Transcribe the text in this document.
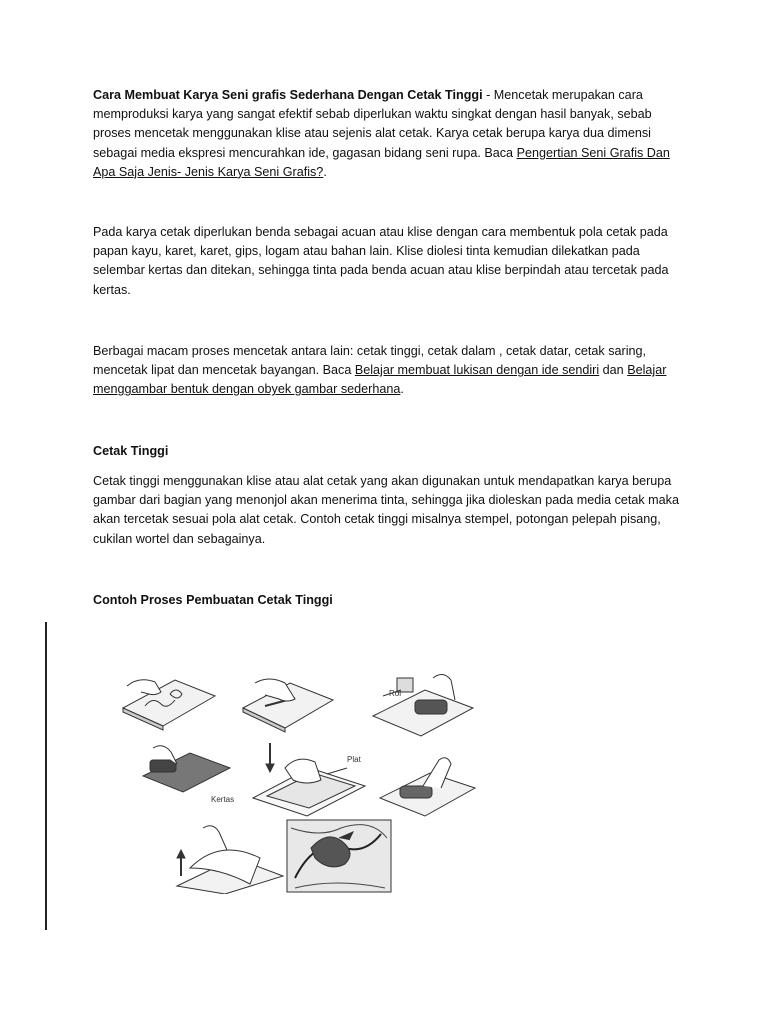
Cara Membuat Karya Seni grafis Sederhana Dengan Cetak Tinggi - Mencetak merupakan cara memproduksi karya yang sangat efektif sebab diperlukan waktu singkat dengan hasil banyak, sebab proses mencetak menggunakan klise atau sejenis alat cetak. Karya cetak berupa karya dua dimensi sebagai media ekspresi mencurahkan ide, gagasan bidang seni rupa. Baca Pengertian Seni Grafis Dan Apa Saja Jenis- Jenis Karya Seni Grafis?.

Pada karya cetak diperlukan benda sebagai acuan atau klise dengan cara membentuk pola cetak pada papan kayu, karet, karet, gips, logam atau bahan lain. Klise diolesi tinta kemudian dilekatkan pada selembar kertas dan ditekan, sehingga tinta pada benda acuan atau klise berpindah atau tercetak pada kertas.

Berbagai macam proses mencetak antara lain: cetak tinggi, cetak dalam , cetak datar, cetak saring, mencetak lipat dan mencetak bayangan. Baca Belajar membuat lukisan dengan ide sendiri dan Belajar menggambar bentuk dengan obyek gambar sederhana.

Cetak Tinggi

Cetak tinggi menggunakan klise atau alat cetak yang akan digunakan untuk mendapatkan karya berupa gambar dari bagian yang menonjol akan menerima tinta, sehingga jika dioleskan pada media cetak maka akan tercetak sesuai pola alat cetak. Contoh cetak tinggi misalnya stempel, potongan pelepah pisang, cukilan wortel dan sebagainya.

Contoh Proses Pembuatan Cetak Tinggi
Rol
Plat
Kertas
